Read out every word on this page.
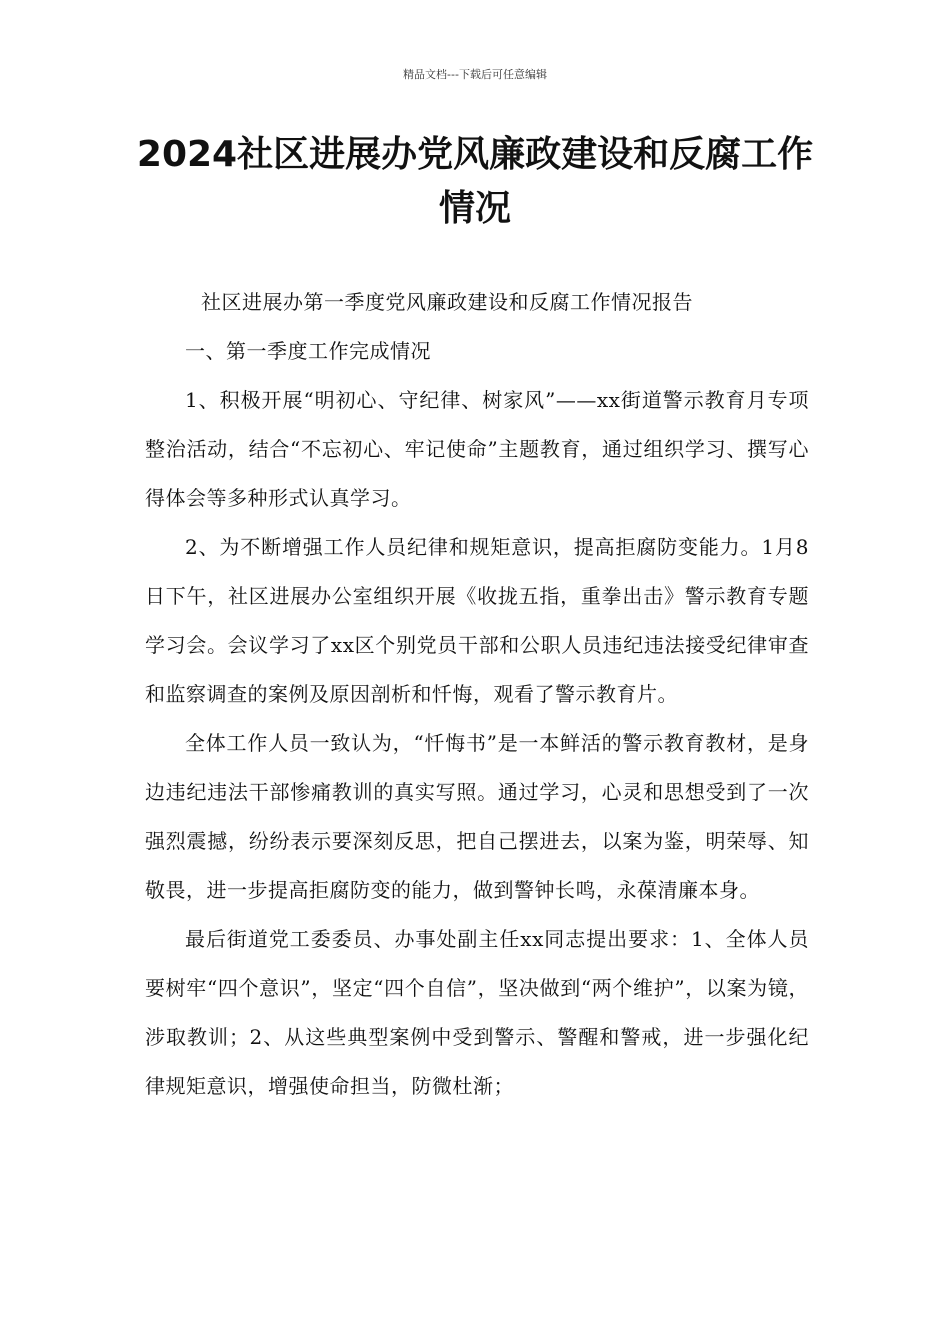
精品文档---下载后可任意编辑
2024社区进展办党风廉政建设和反腐工作情况

社区进展办第一季度党风廉政建设和反腐工作情况报告

一、第一季度工作完成情况

1、积极开展“明初心、守纪律、树家风”——xx街道警示教育月专项整治活动，结合“不忘初心、牢记使命”主题教育，通过组织学习、撰写心得体会等多种形式认真学习。

2、为不断增强工作人员纪律和规矩意识，提高拒腐防变能力。1月8日下午，社区进展办公室组织开展《收拢五指，重拳出击》警示教育专题学习会。会议学习了xx区个别党员干部和公职人员违纪违法接受纪律审查和监察调查的案例及原因剖析和忏悔，观看了警示教育片。

全体工作人员一致认为，“忏悔书”是一本鲜活的警示教育教材，是身边违纪违法干部惨痛教训的真实写照。通过学习，心灵和思想受到了一次强烈震撼，纷纷表示要深刻反思，把自己摆进去，以案为鉴，明荣辱、知敬畏，进一步提高拒腐防变的能力，做到警钟长鸣，永葆清廉本身。

最后街道党工委委员、办事处副主任xx同志提出要求：1、全体人员要树牢“四个意识”，坚定“四个自信”，坚决做到“两个维护”，以案为镜，涉取教训；2、从这些典型案例中受到警示、警醒和警戒，进一步强化纪律规矩意识，增强使命担当，防微杜渐；
